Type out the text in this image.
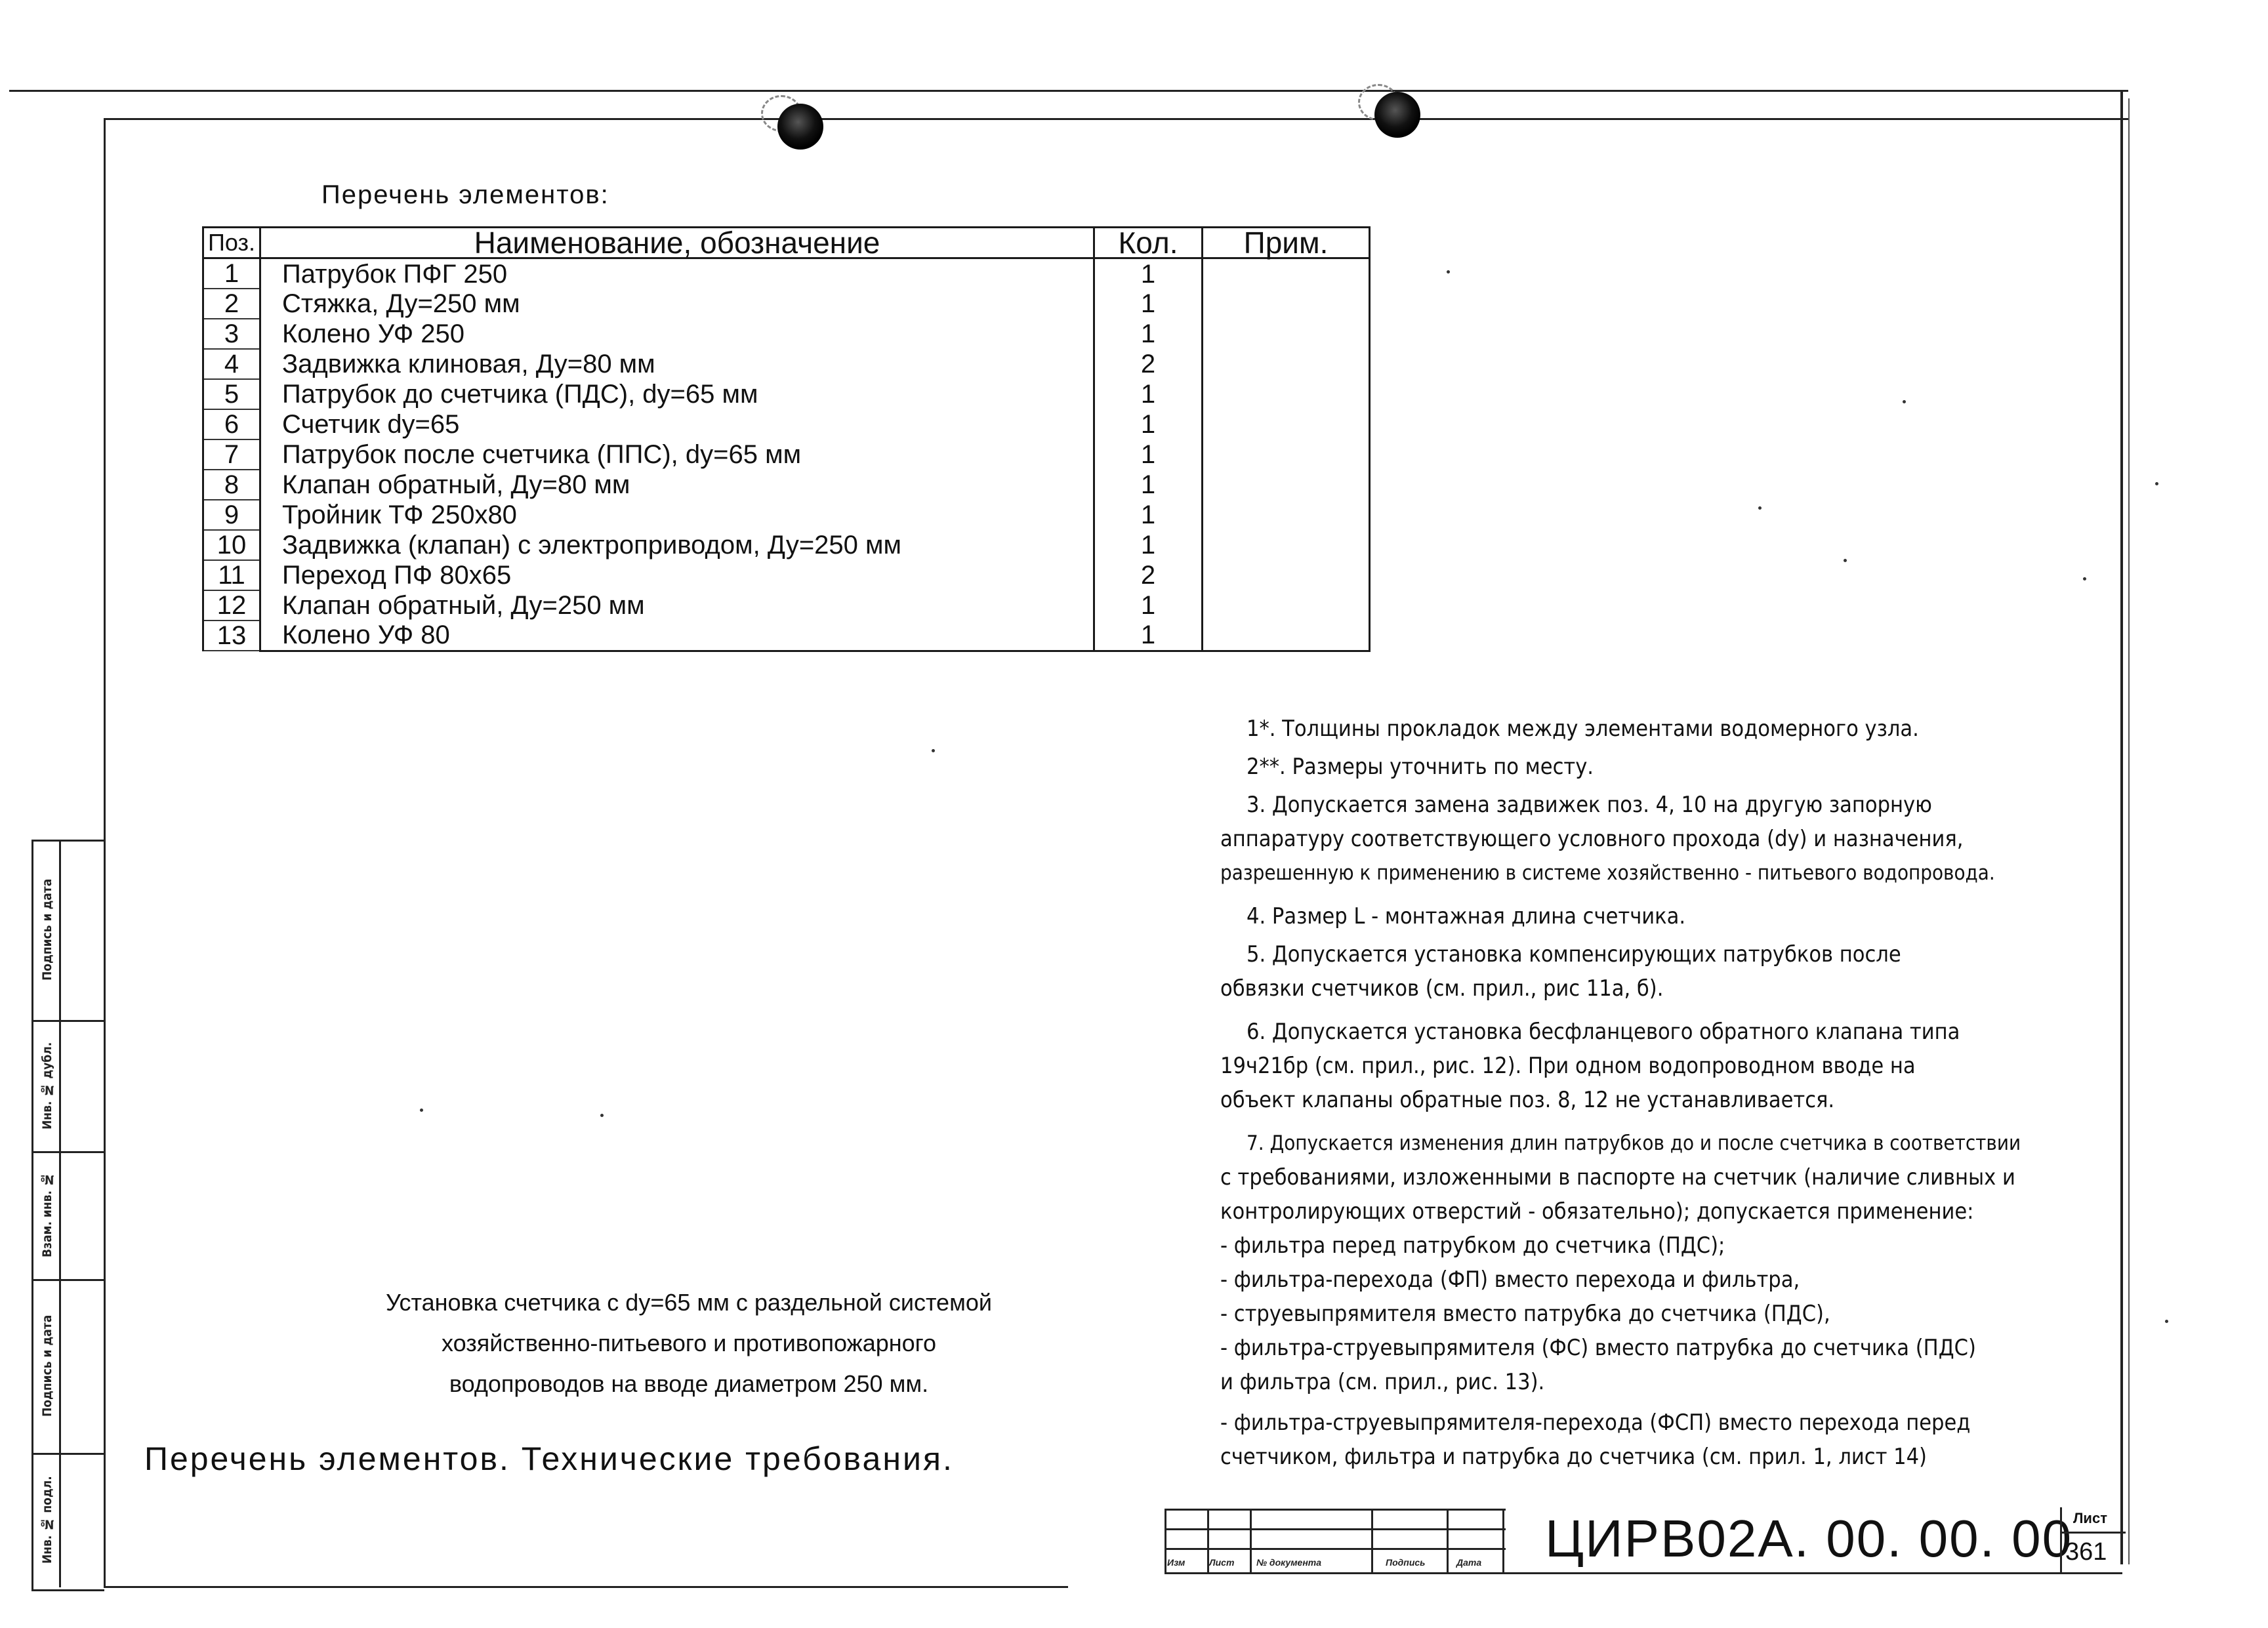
Подпись и дата
Инв. № дубл.
Взам. инв. №
Подпись и дата
Инв. № подл.
Перечень элементов:
Поз.	Наименование, обозначение	Кол.	Прим.
1	Патрубок ПФГ 250	1	
2	Стяжка, Ду=250 мм	1	
3	Колено УФ 250	1	
4	Задвижка клиновая, Ду=80 мм	2	
5	Патрубок до счетчика (ПДС), dy=65 мм	1	
6	Счетчик dy=65	1	
7	Патрубок после счетчика (ППС), dy=65 мм	1	
8	Клапан обратный, Ду=80 мм	1	
9	Тройник ТФ 250х80	1	
10	Задвижка (клапан) с электроприводом, Ду=250 мм	1	
11	Переход ПФ 80х65	2	
12	Клапан обратный, Ду=250 мм	1	
13	Колено УФ 80	1	

1*. Толщины прокладок между элементами водомерного узла.

2**. Размеры уточнить по месту.

3. Допускается замена задвижек поз. 4, 10 на другую запорную
аппаратуру соответствующего условного прохода (dy) и назначения,
разрешенную к применению в системе хозяйственно - питьевого водопровода.

4. Размер L - монтажная длина счетчика.

5. Допускается установка компенсирующих патрубков после
обвязки счетчиков (см. прил., рис 11а, б).
6. Допускается установка бесфланцевого обратного клапана типа
19ч21бр (см. прил., рис. 12). При одном водопроводном вводе на
объект клапаны обратные поз. 8, 12 не устанавливается.
7. Допускается изменения длин патрубков до и после счетчика в соответствии
с требованиями, изложенными в паспорте на счетчик (наличие сливных и
контролирующих отверстий - обязательно); допускается применение:
- фильтра перед патрубком до счетчика (ПДС);
- фильтра-перехода (ФП) вместо перехода и фильтра,
- струевыпрямителя вместо патрубка до счетчика (ПДС),
- фильтра-струевыпрямителя (ФС) вместо патрубка до счетчика (ПДС)
и фильтра (см. прил., рис. 13).
- фильтра-струевыпрямителя-перехода (ФСП) вместо перехода перед
счетчиком, фильтра и патрубка до счетчика (см. прил. 1, лист 14)
Установка счетчика с dy=65 мм с раздельной системой
хозяйственно-питьевого и противопожарного
водопроводов на вводе диаметром 250 мм.
Перечень элементов. Технические требования.
Изм	Лист № документа	Подпись	Дата ЦИРВ02А. 00. 00. 00 Лист
361
